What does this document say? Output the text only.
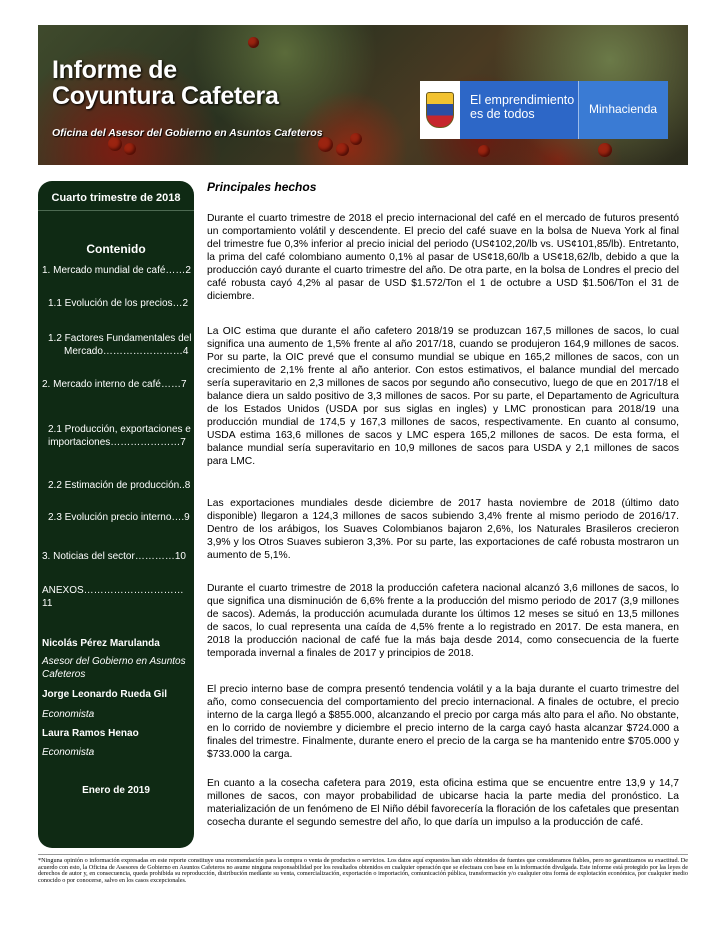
Informe de
Coyuntura Cafetera
Oficina del Asesor del Gobierno en Asuntos Cafeteros
El emprendimiento
es de todos	Minhacienda
Cuarto trimestre de 2018
Contenido
1. Mercado mundial de café……2
1.1 Evolución de los precios…2
1.2 Factores Fundamentales del
Mercado……………………4
2. Mercado interno de café……7
2.1 Producción, exportaciones e
importaciones…………………7
2.2 Estimación de producción..8
2.3 Evolución precio interno….9
3. Noticias del sector…………10
ANEXOS…………………………11
Nicolás Pérez Marulanda
Asesor del Gobierno en Asuntos
Cafeteros
Jorge Leonardo Rueda Gil
Economista
Laura Ramos Henao
Economista
Enero de 2019
Principales hechos
Durante el cuarto trimestre de 2018 el precio internacional del café en el mercado de futuros presentó un comportamiento volátil y descendente. El precio del café suave en la bolsa de Nueva York al final del trimestre fue 0,3% inferior al precio inicial del periodo (US¢102,20/lb vs. US¢101,85/lb). Entretanto, la prima del café colombiano aumento 0,1% al pasar de US¢18,60/lb a US¢18,62/lb, debido a que la producción cayó durante el cuarto trimestre del año. De otra parte, en la bolsa de Londres el precio del café robusta cayó 4,2% al pasar de USD $1.572/Ton el 1 de octubre a USD $1.506/Ton el 31 de diciembre.
La OIC estima que durante el año cafetero 2018/19 se produzcan 167,5 millones de sacos, lo cual significa una aumento de 1,5% frente al año 2017/18, cuando se produjeron 164,9 millones de sacos. Por su parte, la OIC prevé que el consumo mundial se ubique en 165,2 millones de sacos, con un crecimiento de 2,1% frente al año anterior. Con estos estimativos, el balance mundial del mercado sería superavitario en 2,3 millones de sacos por segundo año consecutivo, luego de que en 2017/18 el balance diera un saldo positivo de 3,3 millones de sacos. Por su parte, el Departamento de Agricultura de los Estados Unidos (USDA por sus siglas en ingles) y LMC pronostican para 2018/19 una producción mundial de 174,5 y 167,3 millones de sacos, respectivamente. En cuanto al consumo, USDA estima 163,6 millones de sacos y LMC espera 165,2 millones de sacos. De esta forma, el balance mundial sería superavitario en 10,9 millones de sacos para USDA y 2,1 millones de sacos para LMC.
Las exportaciones mundiales desde diciembre de 2017 hasta noviembre de 2018 (último dato disponible) llegaron a 124,3 millones de sacos subiendo 3,4% frente al mismo periodo de 2016/17. Dentro de los arábigos, los Suaves Colombianos bajaron 2,6%, los Naturales Brasileros crecieron 3,9% y los Otros Suaves subieron 3,3%. Por su parte, las exportaciones de café robusta mostraron un aumento de 5,1%.
Durante el cuarto trimestre de 2018 la producción cafetera nacional alcanzó 3,6 millones de sacos, lo que significa una disminución de 6,6% frente a la producción del mismo periodo de 2017 (3,9 millones de sacos). Además, la producción acumulada durante los últimos 12 meses se situó en 13,5 millones de sacos, lo cual representa una caída de 4,5% frente a lo registrado en 2017. De esta manera, en 2018 la producción nacional de café fue la más baja desde 2014, como consecuencia de la fuerte temporada invernal a finales de 2017 y principios de 2018.
El precio interno base de compra presentó tendencia volátil y a la baja durante el cuarto trimestre del año, como consecuencia del comportamiento del precio internacional. A finales de octubre, el precio interno de la carga llegó a $855.000, alcanzando el precio por carga más alto para el año. No obstante, en lo corrido de noviembre y diciembre el precio interno de la carga cayó hasta alcanzar $724.000 a finales del trimestre. Finalmente, durante enero el precio de la carga se ha mantenido entre $705.000 y $733.000 la carga.
En cuanto a la cosecha cafetera para 2019, esta oficina estima que se encuentre entre 13,9 y 14,7 millones de sacos, con mayor probabilidad de ubicarse hacia la parte media del pronóstico. La materialización de un fenómeno de El Niño débil favorecería la floración de los cafetales que presentan cosecha durante el segundo semestre del año, lo que daría un impulso a la producción de café.
*Ninguna opinión o información expresadas en este reporte constituye una recomendación para la compra o venta de productos o servicios. Los datos aquí expuestos han sido obtenidos de fuentes que consideramos fiables, pero no garantizamos su exactitud. De acuerdo con esto, la Oficina de Asesores de Gobierno en Asuntos Cafeteros no asume ninguna responsabilidad por los resultados obtenidos en cualquier operación que se efectuara con base en la información divulgada. Este informe está protegido por las leyes de derechos de autor y, en consecuencia, queda prohibida su reproducción, distribución mediante su venta, comercialización, exportación o importación, comunicación pública, transformación y/o cualquier otra forma de explotación económica, por cualquier medio conocido o por conocerse, salvo en los casos excepcionales.
